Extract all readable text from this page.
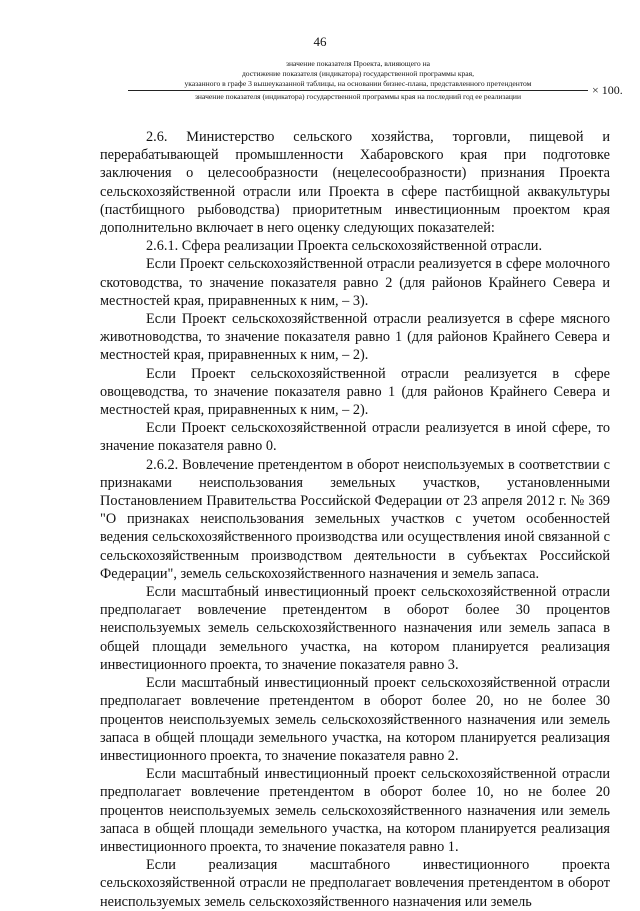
46
значение показателя Проекта, влияющего на
достижение показателя (индикатора) государственной программы края,
указанного в графе 3 вышеуказанной таблицы, на основании бизнес-плана, представленного претендентом
значение показателя (индикатора) государственной программы края на последний год ее реализации	× 100.

2.6. Министерство сельского хозяйства, торговли, пищевой и перерабатывающей промышленности Хабаровского края при подготовке заключения о целесообразности (нецелесообразности) признания Проекта сельскохозяйственной отрасли или Проекта в сфере пастбищной аквакультуры (пастбищного рыбоводства) приоритетным инвестиционным проектом края дополнительно включает в него оценку следующих показателей:

2.6.1. Сфера реализации Проекта сельскохозяйственной отрасли.

Если Проект сельскохозяйственной отрасли реализуется в сфере молочного скотоводства, то значение показателя равно 2 (для районов Крайнего Севера и местностей края, приравненных к ним, – 3).

Если Проект сельскохозяйственной отрасли реализуется в сфере мясного животноводства, то значение показателя равно 1 (для районов Крайнего Севера и местностей края, приравненных к ним, – 2).

Если Проект сельскохозяйственной отрасли реализуется в сфере овощеводства, то значение показателя равно 1 (для районов Крайнего Севера и местностей края, приравненных к ним, – 2).

Если Проект сельскохозяйственной отрасли реализуется в иной сфере, то значение показателя равно 0.

2.6.2. Вовлечение претендентом в оборот неиспользуемых в соответствии с признаками неиспользования земельных участков, установленными Постановлением Правительства Российской Федерации от 23 апреля 2012 г. № 369 "О признаках неиспользования земельных участков с учетом особенностей ведения сельскохозяйственного производства или осуществления иной связанной с сельскохозяйственным производством деятельности в субъектах Российской Федерации", земель сельскохозяйственного назначения и земель запаса.

Если масштабный инвестиционный проект сельскохозяйственной отрасли предполагает вовлечение претендентом в оборот более 30 процентов неиспользуемых земель сельскохозяйственного назначения или земель запаса в общей площади земельного участка, на котором планируется реализация инвестиционного проекта, то значение показателя равно 3.

Если масштабный инвестиционный проект сельскохозяйственной отрасли предполагает вовлечение претендентом в оборот более 20, но не более 30 процентов неиспользуемых земель сельскохозяйственного назначения или земель запаса в общей площади земельного участка, на котором планируется реализация инвестиционного проекта, то значение показателя равно 2.

Если масштабный инвестиционный проект сельскохозяйственной отрасли предполагает вовлечение претендентом в оборот более 10, но не более 20 процентов неиспользуемых земель сельскохозяйственного назначения или земель запаса в общей площади земельного участка, на котором планируется реализация инвестиционного проекта, то значение показателя равно 1.

Если реализация масштабного инвестиционного проекта сельскохозяйственной отрасли не предполагает вовлечения претендентом в оборот неиспользуемых земель сельскохозяйственного назначения или земель
